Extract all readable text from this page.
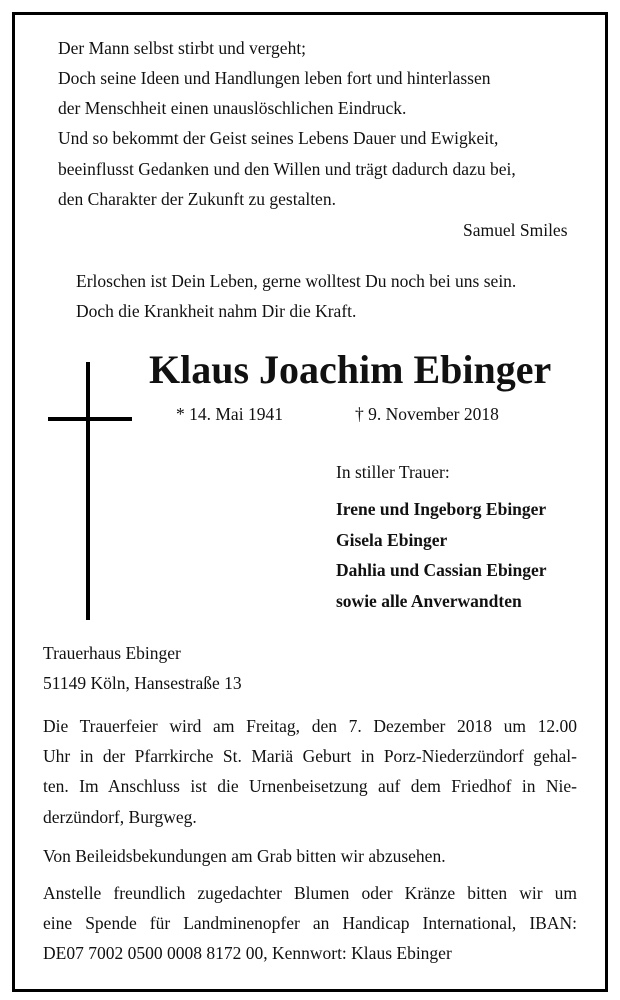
Der Mann selbst stirbt und vergeht;
Doch seine Ideen und Handlungen leben fort und hinterlassen
der Menschheit einen unauslöschlichen Eindruck.
Und so bekommt der Geist seines Lebens Dauer und Ewigkeit,
beeinflusst Gedanken und den Willen und trägt dadurch dazu bei,
den Charakter der Zukunft zu gestalten.
Samuel Smiles
Erloschen ist Dein Leben, gerne wolltest Du noch bei uns sein.
Doch die Krankheit nahm Dir die Kraft.
Klaus Joachim Ebinger
* 14. Mai 1941	† 9. November 2018
In stiller Trauer:
Irene und Ingeborg Ebinger
Gisela Ebinger
Dahlia und Cassian Ebinger
sowie alle Anverwandten
Trauerhaus Ebinger
51149 Köln, Hansestraße 13
Die Trauerfeier wird am Freitag, den 7. Dezember 2018 um 12.00
Uhr in der Pfarrkirche St. Mariä Geburt in Porz-Niederzündorf gehal-
ten. Im Anschluss ist die Urnenbeisetzung auf dem Friedhof in Nie-
derzündorf, Burgweg.
Von Beileidsbekundungen am Grab bitten wir abzusehen.
Anstelle freundlich zugedachter Blumen oder Kränze bitten wir um
eine Spende für Landminenopfer an Handicap International, IBAN:
DE07 7002 0500 0008 8172 00, Kennwort: Klaus Ebinger
